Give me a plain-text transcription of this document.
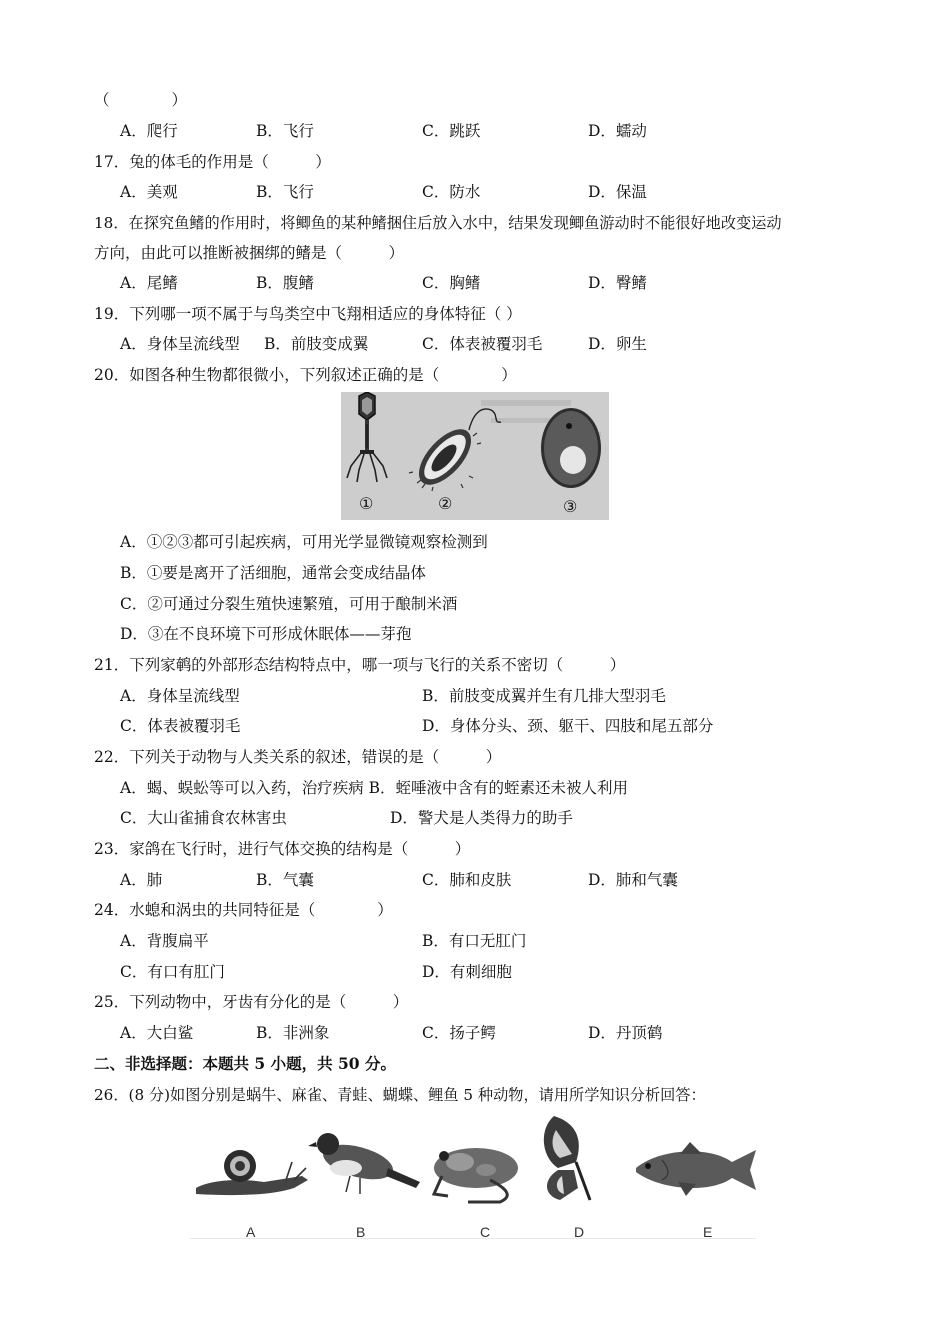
（　　　　）
A．爬行	B．飞行	C．跳跃	D．蠕动
17．兔的体毛的作用是（　　　）
A．美观	B．飞行	C．防水	D．保温
18．在探究鱼鳍的作用时，将鲫鱼的某种鳍捆住后放入水中，结果发现鲫鱼游动时不能很好地改变运动
方向，由此可以推断被捆绑的鳍是（　　　）
A．尾鳍	B．腹鳍	C．胸鳍	D．臀鳍
19．下列哪一项不属于与鸟类空中飞翔相适应的身体特征（ ）
A．身体呈流线型 B．前肢变成翼	C．体表被覆羽毛	D．卵生
20．如图各种生物都很微小，下列叙述正确的是（　　　　）
①	②	③
A．①②③都可引起疾病，可用光学显微镜观察检测到
B．①要是离开了活细胞，通常会变成结晶体
C．②可通过分裂生殖快速繁殖，可用于酿制米酒
D．③在不良环境下可形成休眠体——芽孢
21．下列家鹌的外部形态结构特点中，哪一项与飞行的关系不密切（　　　）
A．身体呈流线型	B．前肢变成翼并生有几排大型羽毛
C．体表被覆羽毛	D．身体分头、颈、躯干、四肢和尾五部分
22．下列关于动物与人类关系的叙述，错误的是（　　　）
A．蝎、蜈蚣等可以入药，治疗疾病 B．蛭唾液中含有的蛭素还未被人利用
C．大山雀捕食农林害虫	D．警犬是人类得力的助手
23．家鸽在飞行时，进行气体交换的结构是（　　　）
A．肺	B．气囊	C．肺和皮肤	D．肺和气囊
24．水螅和涡虫的共同特征是（　　　　）
A．背腹扁平	B．有口无肛门
C．有口有肛门	D．有刺细胞
25．下列动物中，牙齿有分化的是（　　　）
A．大白鲨	B．非洲象	C．扬子鳄	D．丹顶鹤
二、非选择题：本题共 5 小题，共 50 分。
26．(8 分)如图分别是蜗牛、麻雀、青蛙、蝴蝶、鲤鱼 5 种动物，请用所学知识分析回答：
A	B	C	D	E
